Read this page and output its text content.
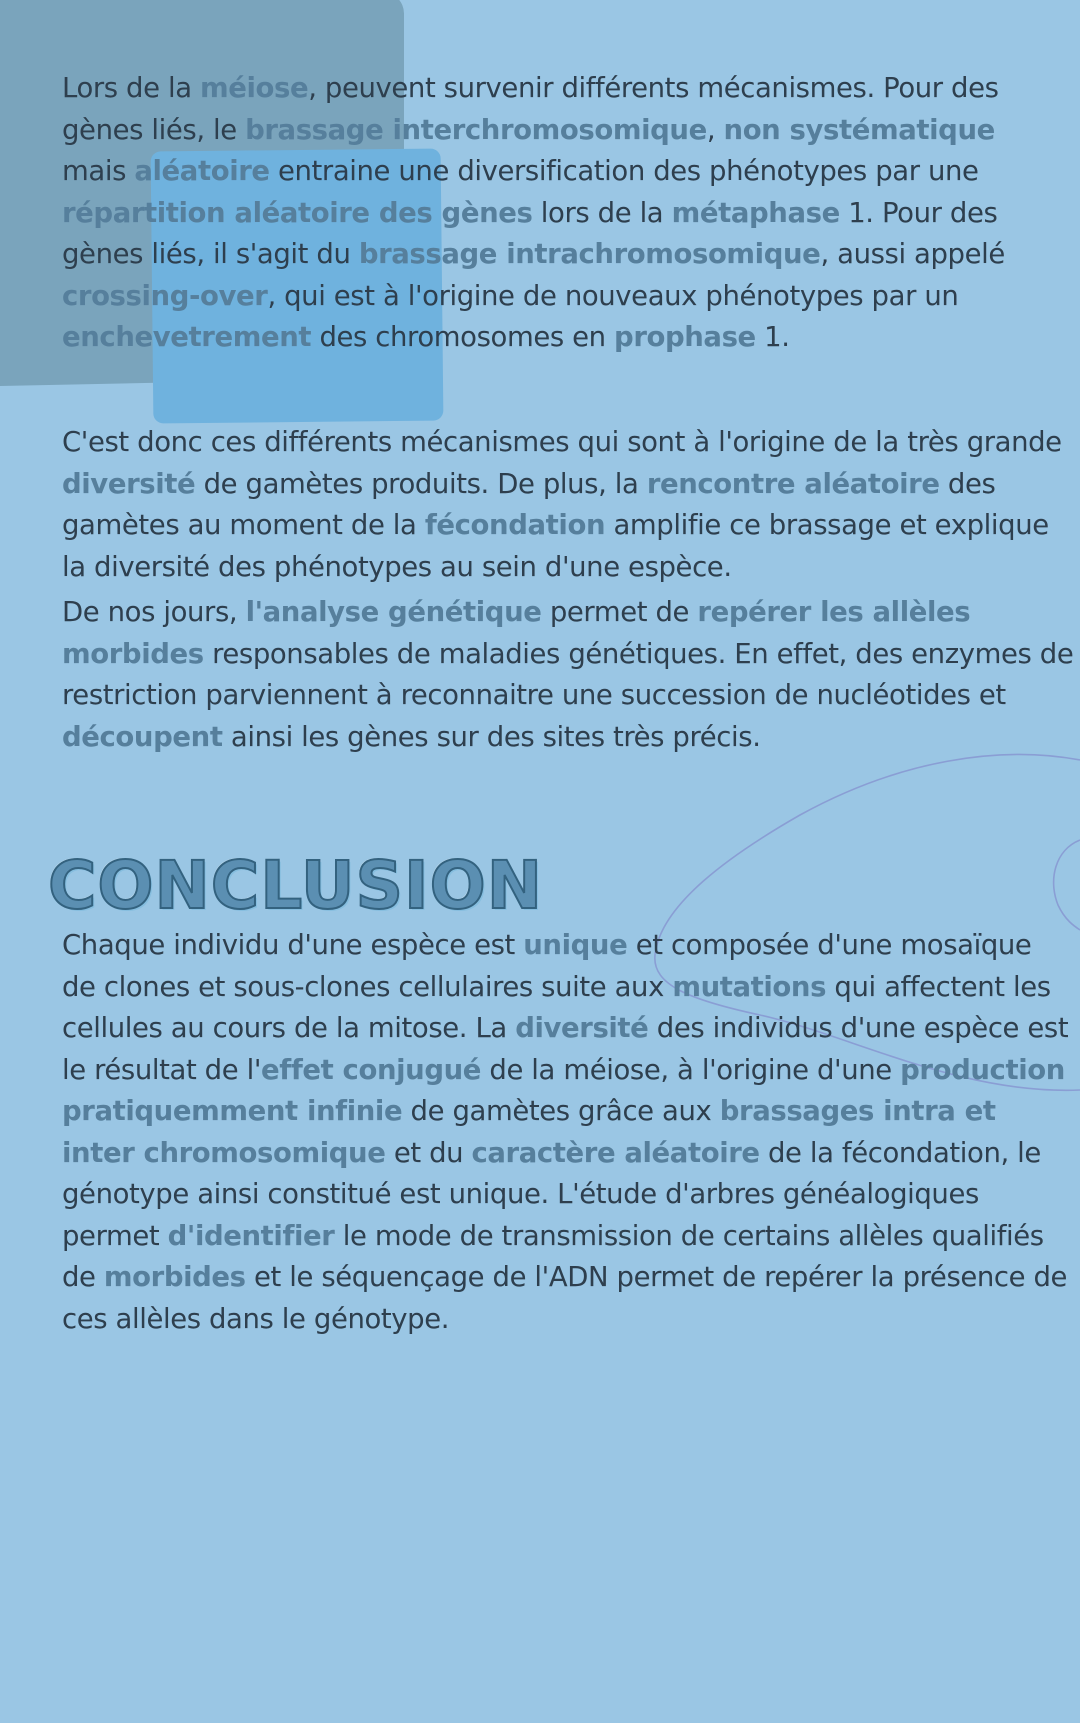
Lors de la méiose, peuvent survenir différents mécanismes. Pour des gènes liés, le brassage interchromosomique, non systématique mais aléatoire entraine une diversification des phénotypes par une répartition aléatoire des gènes lors de la métaphase 1. Pour des gènes liés, il s'agit du brassage intrachromosomique, aussi appelé crossing-over, qui est à l'origine de nouveaux phénotypes par un enchevetrement des chromosomes en prophase 1.

C'est donc ces différents mécanismes qui sont à l'origine de la très grande diversité de gamètes produits. De plus, la rencontre aléatoire des gamètes au moment de la fécondation amplifie ce brassage et explique la diversité des phénotypes au sein d'une espèce.

De nos jours, l'analyse génétique permet de repérer les allèles morbides responsables de maladies génétiques. En effet, des enzymes de restriction parviennent à reconnaitre une succession de nucléotides et découpent ainsi les gènes sur des sites très précis.

CONCLUSION

Chaque individu d'une espèce est unique et composée d'une mosaïque de clones et sous-clones cellulaires suite aux mutations qui affectent les cellules au cours de la mitose. La diversité des individus d'une espèce est le résultat de l'effet conjugué de la méiose, à l'origine d'une production pratiquemment infinie de gamètes grâce aux brassages intra et inter chromosomique et du caractère aléatoire de la fécondation, le génotype ainsi constitué est unique. L'étude d'arbres généalogiques permet d'identifier le mode de transmission de certains allèles qualifiés de morbides et le séquençage de l'ADN permet de repérer la présence de ces allèles dans le génotype.
